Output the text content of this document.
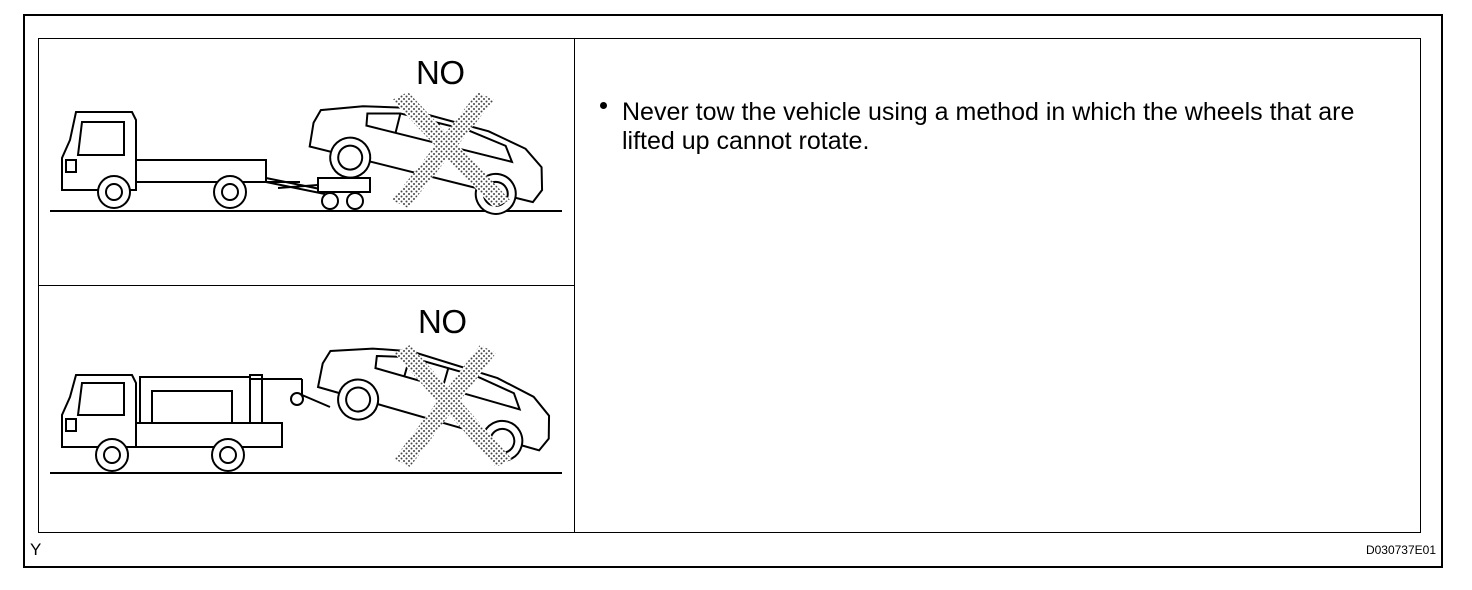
NO
NO
Never tow the vehicle using a method in which the wheels that are lifted up cannot rotate.
Y	D030737E01
